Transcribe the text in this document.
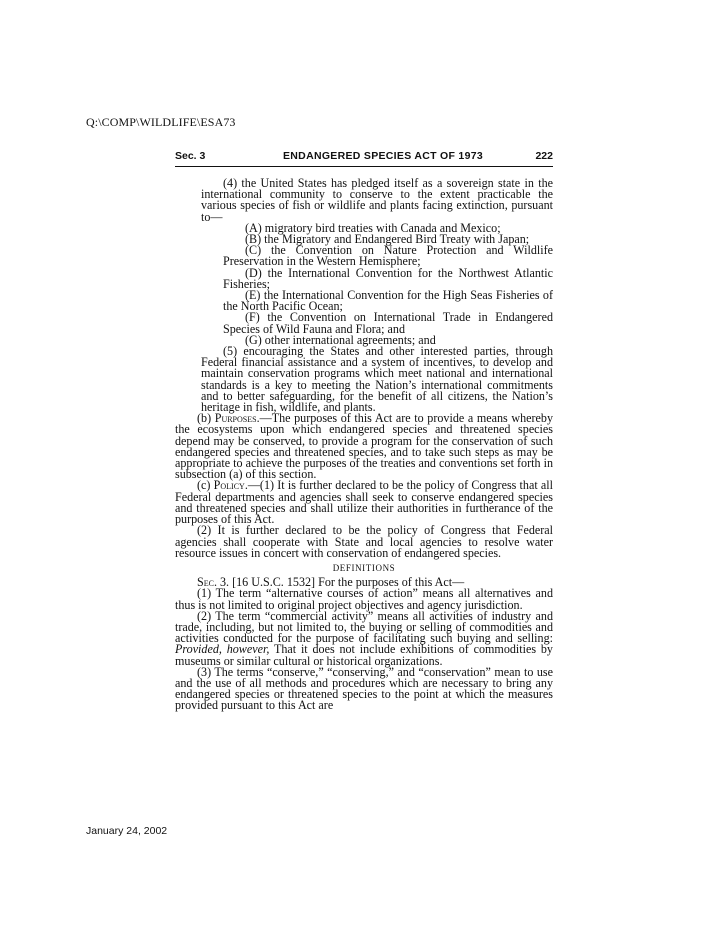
Q:\COMP\WILDLIFE\ESA73
Sec. 3	ENDANGERED SPECIES ACT OF 1973	222

(4) the United States has pledged itself as a sovereign state in the international community to conserve to the extent practicable the various species of fish or wildlife and plants facing extinction, pursuant to—

(A) migratory bird treaties with Canada and Mexico;

(B) the Migratory and Endangered Bird Treaty with Japan;

(C) the Convention on Nature Protection and Wildlife Preservation in the Western Hemisphere;

(D) the International Convention for the Northwest Atlantic Fisheries;

(E) the International Convention for the High Seas Fisheries of the North Pacific Ocean;

(F) the Convention on International Trade in Endangered Species of Wild Fauna and Flora; and

(G) other international agreements; and

(5) encouraging the States and other interested parties, through Federal financial assistance and a system of incentives, to develop and maintain conservation programs which meet national and international standards is a key to meeting the Nation’s international commitments and to better safeguarding, for the benefit of all citizens, the Nation’s heritage in fish, wildlife, and plants.

(b) Purposes.—The purposes of this Act are to provide a means whereby the ecosystems upon which endangered species and threatened species depend may be conserved, to provide a program for the conservation of such endangered species and threatened species, and to take such steps as may be appropriate to achieve the purposes of the treaties and conventions set forth in subsection (a) of this section.

(c) Policy.—(1) It is further declared to be the policy of Congress that all Federal departments and agencies shall seek to conserve endangered species and threatened species and shall utilize their authorities in furtherance of the purposes of this Act.

(2) It is further declared to be the policy of Congress that Federal agencies shall cooperate with State and local agencies to resolve water resource issues in concert with conservation of endangered species.

DEFINITIONS

Sec. 3. [16 U.S.C. 1532] For the purposes of this Act—

(1) The term “alternative courses of action” means all alternatives and thus is not limited to original project objectives and agency jurisdiction.

(2) The term “commercial activity” means all activities of industry and trade, including, but not limited to, the buying or selling of commodities and activities conducted for the purpose of facilitating such buying and selling: Provided, however, That it does not include exhibitions of commodities by museums or similar cultural or historical organizations.

(3) The terms “conserve,” “conserving,” and “conservation” mean to use and the use of all methods and procedures which are necessary to bring any endangered species or threatened species to the point at which the measures provided pursuant to this Act are

January 24, 2002
